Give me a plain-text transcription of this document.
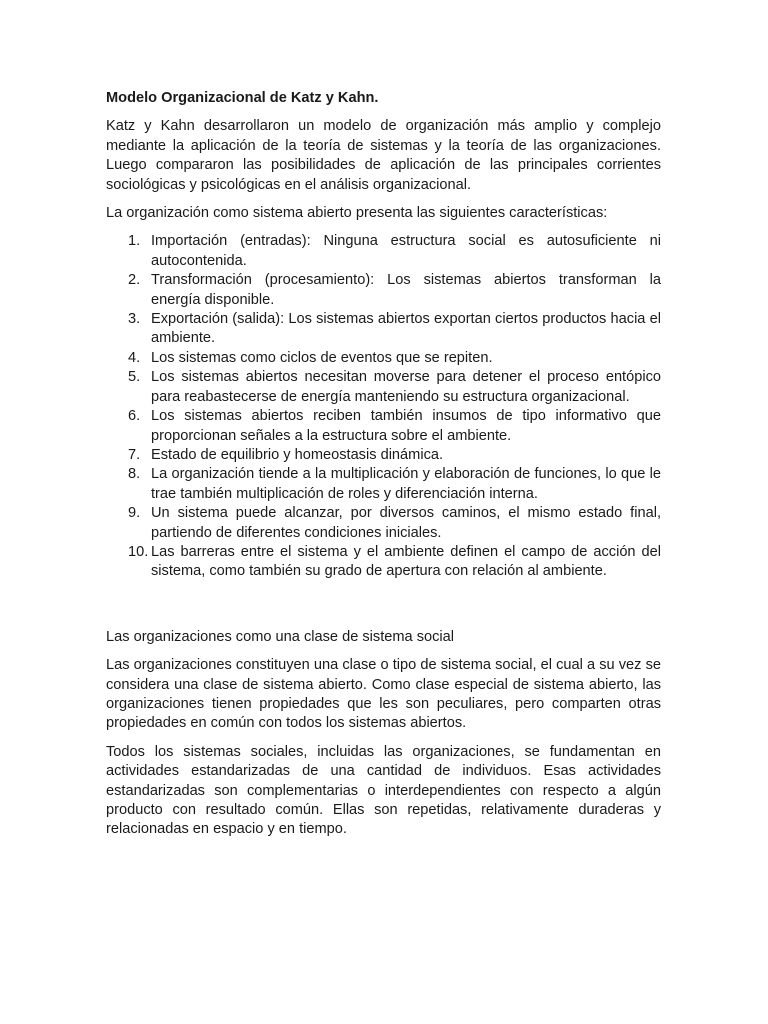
Modelo Organizacional de Katz y Kahn.

Katz y Kahn desarrollaron un modelo de organización más amplio y complejo mediante la aplicación de la teoría de sistemas y la teoría de las organizaciones. Luego compararon las posibilidades de aplicación de las principales corrientes sociológicas y psicológicas en el análisis organizacional.

La organización como sistema abierto presenta las siguientes características:

1. Importación (entradas): Ninguna estructura social es autosuficiente ni autocontenida.
2. Transformación (procesamiento): Los sistemas abiertos transforman la energía disponible.
3. Exportación (salida): Los sistemas abiertos exportan ciertos productos hacia el ambiente.
4. Los sistemas como ciclos de eventos que se repiten.
5. Los sistemas abiertos necesitan moverse para detener el proceso entópico para reabastecerse de energía manteniendo su estructura organizacional.
6. Los sistemas abiertos reciben también insumos de tipo informativo que proporcionan señales a la estructura sobre el ambiente.
7. Estado de equilibrio y homeostasis dinámica.
8. La organización tiende a la multiplicación y elaboración de funciones, lo que le trae también multiplicación de roles y diferenciación interna.
9. Un sistema puede alcanzar, por diversos caminos, el mismo estado final, partiendo de diferentes condiciones iniciales.
10. Las barreras entre el sistema y el ambiente definen el campo de acción del sistema, como también su grado de apertura con relación al ambiente.
Las organizaciones como una clase de sistema social

Las organizaciones constituyen una clase o tipo de sistema social, el cual a su vez se considera una clase de sistema abierto. Como clase especial de sistema abierto, las organizaciones tienen propiedades que les son peculiares, pero comparten otras propiedades en común con todos los sistemas abiertos.

Todos los sistemas sociales, incluidas las organizaciones, se fundamentan en actividades estandarizadas de una cantidad de individuos. Esas actividades estandarizadas son complementarias o interdependientes con respecto a algún producto con resultado común. Ellas son repetidas, relativamente duraderas y relacionadas en espacio y en tiempo.
